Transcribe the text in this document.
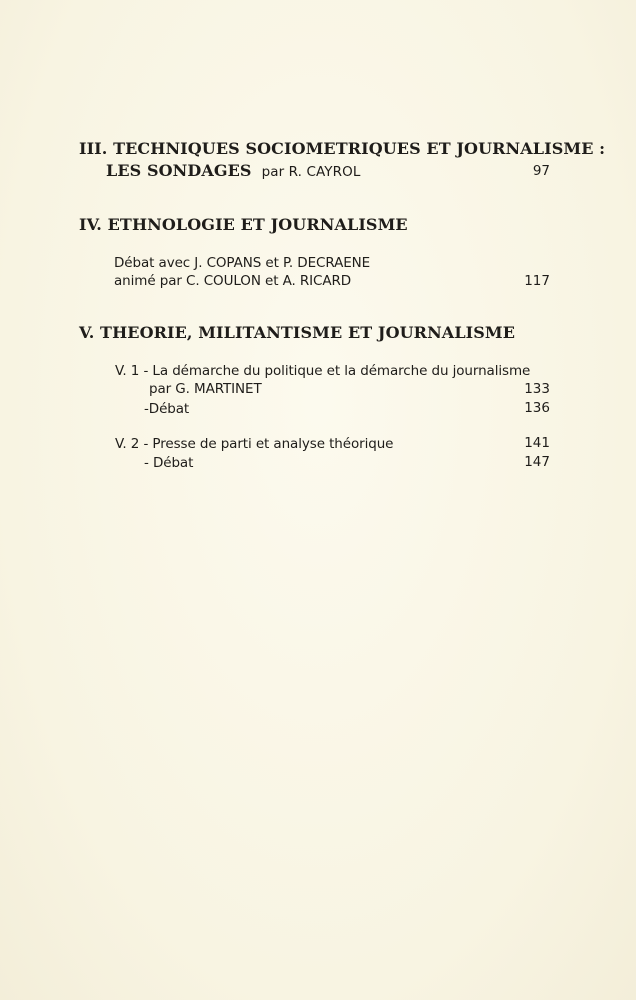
III. TECHNIQUES SOCIOMETRIQUES ET JOURNALISME :
LES SONDAGES par R. CAYROL	97
IV. ETHNOLOGIE ET JOURNALISME
Débat avec J. COPANS et P. DECRAENE
animé par C. COULON et A. RICARD	117
V. THEORIE, MILITANTISME ET JOURNALISME
V. 1 - La démarche du politique et la démarche du journalisme
par G. MARTINET	133
-Débat	136
V. 2 - Presse de parti et analyse théorique	141
- Débat	147
